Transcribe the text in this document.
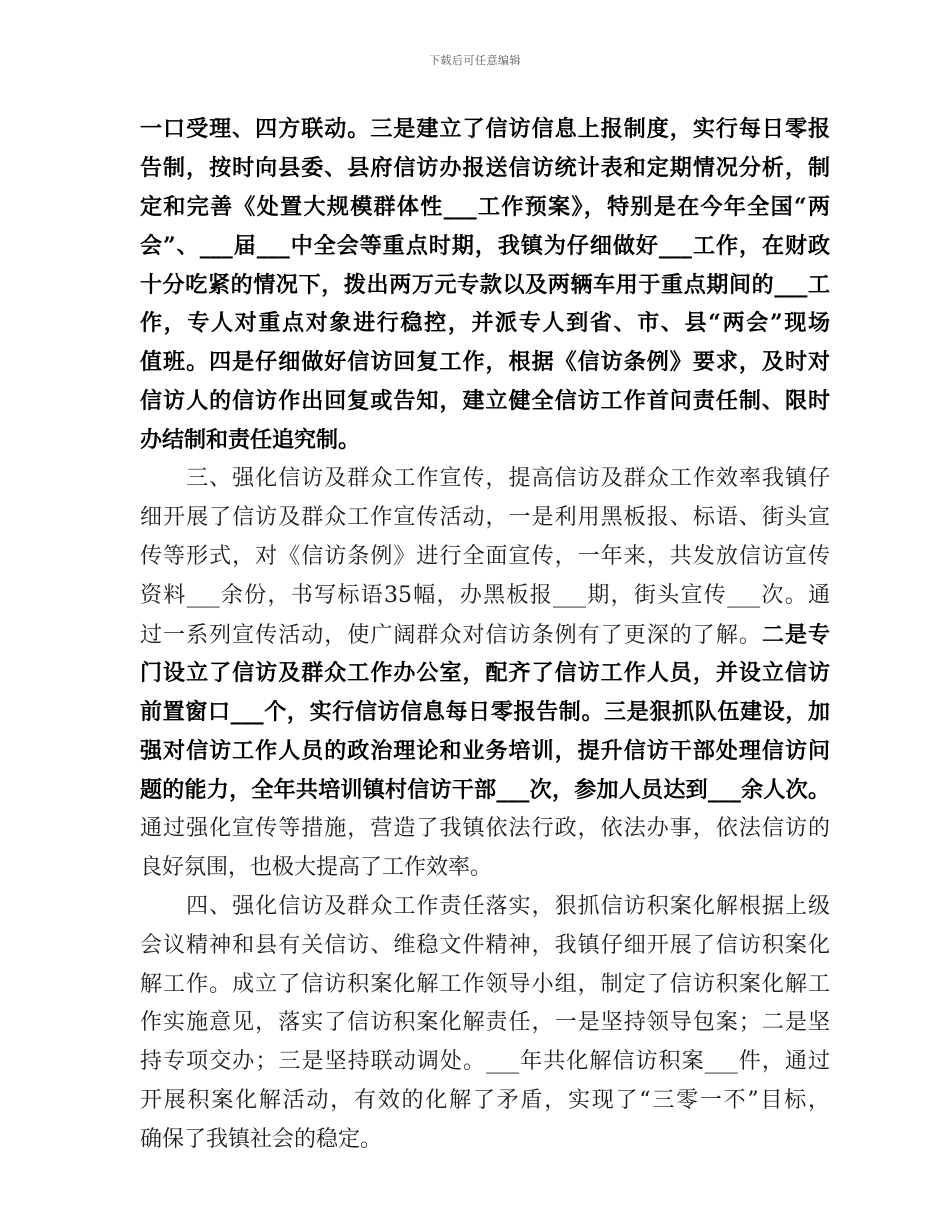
下载后可任意编辑
一口受理、四方联动。三是建立了信访信息上报制度，实行每日零报
告制，按时向县委、县府信访办报送信访统计表和定期情况分析，制
定和完善《处置大规模群体性___工作预案》，特别是在今年全国“两
会”、___届___中全会等重点时期，我镇为仔细做好___工作，在财政
十分吃紧的情况下，拨出两万元专款以及两辆车用于重点期间的___工
作，专人对重点对象进行稳控，并派专人到省、市、县“两会”现场
值班。四是仔细做好信访回复工作，根据《信访条例》要求，及时对
信访人的信访作出回复或告知，建立健全信访工作首问责任制、限时
办结制和责任追究制。
　　三、强化信访及群众工作宣传，提高信访及群众工作效率我镇仔
细开展了信访及群众工作宣传活动，一是利用黑板报、标语、街头宣
传等形式，对《信访条例》进行全面宣传，一年来，共发放信访宣传
资料___余份，书写标语35幅，办黑板报___期，街头宣传___次。通
过一系列宣传活动，使广阔群众对信访条例有了更深的了解。二是专
门设立了信访及群众工作办公室，配齐了信访工作人员，并设立信访
前置窗口___个，实行信访信息每日零报告制。三是狠抓队伍建设，加
强对信访工作人员的政治理论和业务培训，提升信访干部处理信访问
题的能力，全年共培训镇村信访干部___次，参加人员达到___余人次。
通过强化宣传等措施，营造了我镇依法行政，依法办事，依法信访的
良好氛围，也极大提高了工作效率。
　　四、强化信访及群众工作责任落实，狠抓信访积案化解根据上级
会议精神和县有关信访、维稳文件精神，我镇仔细开展了信访积案化
解工作。成立了信访积案化解工作领导小组，制定了信访积案化解工
作实施意见，落实了信访积案化解责任，一是坚持领导包案；二是坚
持专项交办；三是坚持联动调处。___年共化解信访积案___件，通过
开展积案化解活动，有效的化解了矛盾，实现了“三零一不”目标，
确保了我镇社会的稳定。
